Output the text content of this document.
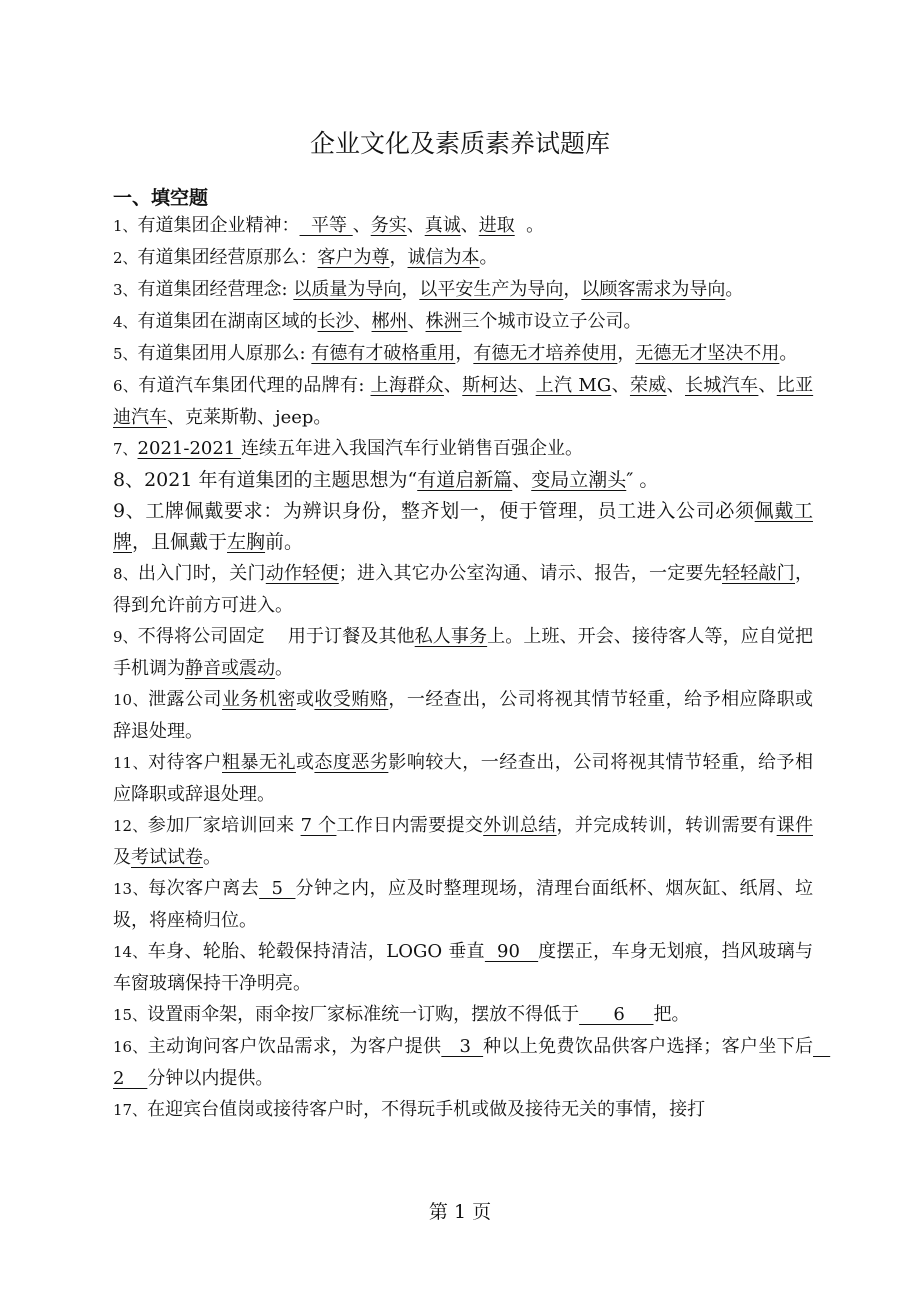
企业文化及素质素养试题库
一、填空题

1、有道集团企业精神：  平等 、务实、真诚、进取  。

2、有道集团经营原那么：客户为尊，诚信为本。

3、有道集团经营理念: 以质量为导向，以平安生产为导向，以顾客需求为导向。

4、有道集团在湖南区域的长沙、郴州、株洲三个城市设立子公司。

5、有道集团用人原那么: 有德有才破格重用，有德无才培养使用，无德无才坚决不用。

6、有道汽车集团代理的品牌有: 上海群众、斯柯达、上汽 MG、荣威、长城汽车、比亚迪汽车、克莱斯勒、jeep。

7、2021-2021 连续五年进入我国汽车行业销售百强企业。

8、2021 年有道集团的主题思想为“有道启新篇、变局立潮头″ 。

9、工牌佩戴要求：为辨识身份，整齐划一，便于管理，员工进入公司必须佩戴工牌，且佩戴于左胸前。

8、出入门时，关门动作轻便；进入其它办公室沟通、请示、报告，一定要先轻轻敲门，得到允许前方可进入。

9、不得将公司固定    用于订餐及其他私人事务上。上班、开会、接待客人等，应自觉把手机调为静音或震动。

10、泄露公司业务机密或收受贿赂，一经查出，公司将视其情节轻重，给予相应降职或辞退处理。

11、对待客户粗暴无礼或态度恶劣影响较大，一经查出，公司将视其情节轻重，给予相应降职或辞退处理。

12、参加厂家培训回来 7 个工作日内需要提交外训总结，并完成转训，转训需要有课件及考试试卷。

13、每次客户离去  5  分钟之内，应及时整理现场，清理台面纸杯、烟灰缸、纸屑、垃圾，将座椅归位。

14、车身、轮胎、轮毂保持清洁，LOGO 垂直  90   度摆正，车身无划痕，挡风玻璃与车窗玻璃保持干净明亮。

15、设置雨伞架，雨伞按厂家标准统一订购，摆放不得低于      6     把。

16、主动询问客户饮品需求，为客户提供   3  种以上免费饮品供客户选择；客户坐下后   2    分钟以内提供。

17、在迎宾台值岗或接待客户时，不得玩手机或做及接待无关的事情，接打

第 1 页
